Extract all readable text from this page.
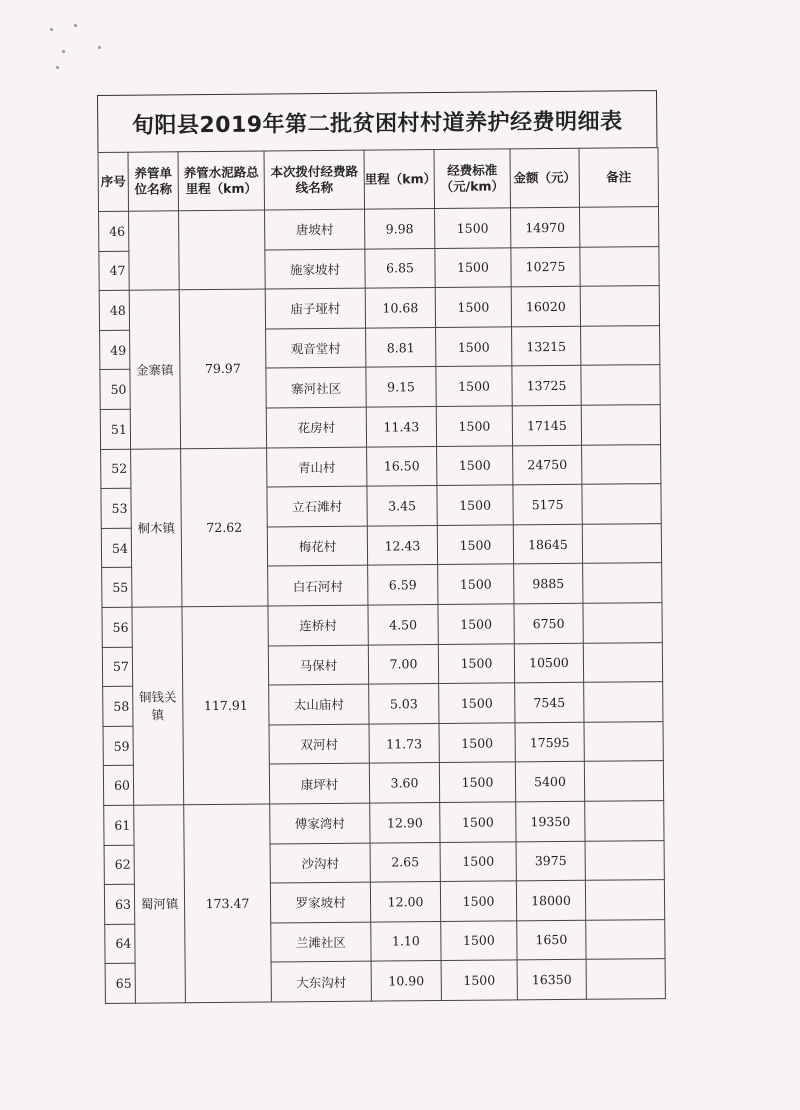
旬阳县2019年第二批贫困村村道养护经费明细表
序号	养管单位名称	养管水泥路总里程（km）	本次拨付经费路线名称	里程（km）	经费标准（元/km）	金额（元）	备注
46			唐坡村	9.98	1500	14970	
47			施家坡村	6.85	1500	10275	
48	金寨镇	79.97	庙子垭村	10.68	1500	16020	
49			观音堂村	8.81	1500	13215	
50			寨河社区	9.15	1500	13725	
51			花房村	11.43	1500	17145	
52	桐木镇	72.62	青山村	16.50	1500	24750	
53			立石滩村	3.45	1500	5175	
54			梅花村	12.43	1500	18645	
55			白石河村	6.59	1500	9885	
56	铜钱关镇	117.91	连桥村	4.50	1500	6750	
57			马保村	7.00	1500	10500	
58			太山庙村	5.03	1500	7545	
59			双河村	11.73	1500	17595	
60			康坪村	3.60	1500	5400	
61	蜀河镇	173.47	傅家湾村	12.90	1500	19350	
62			沙沟村	2.65	1500	3975	
63			罗家坡村	12.00	1500	18000	
64			兰滩社区	1.10	1500	1650	
65			大东沟村	10.90	1500	16350	
